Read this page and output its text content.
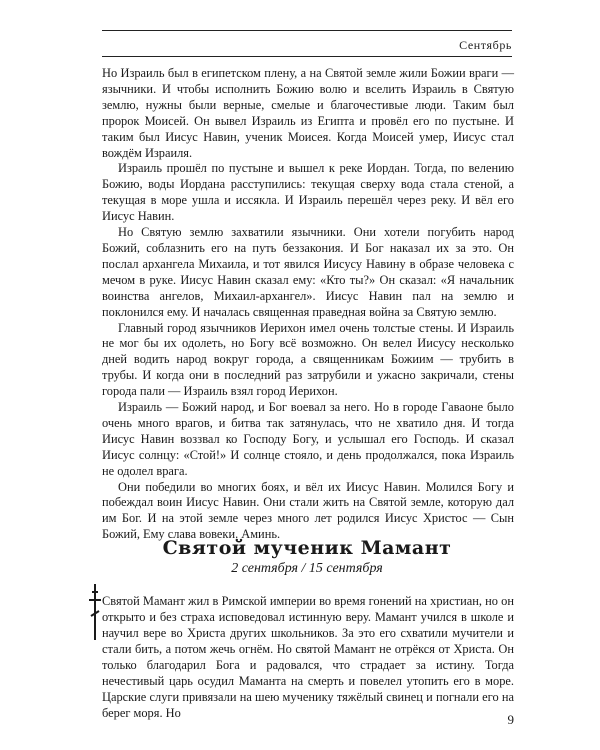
Сентябрь

Но Израиль был в египетском плену, а на Святой земле жили Божии враги — язычники. И чтобы исполнить Божию волю и вселить Израиль в Святую землю, нужны были верные, смелые и благочестивые люди. Таким был пророк Моисей. Он вывел Израиль из Египта и провёл его по пустыне. И таким был Иисус Навин, ученик Моисея. Когда Моисей умер, Иисус стал вождём Израиля.

Израиль прошёл по пустыне и вышел к реке Иордан. Тогда, по велению Божию, воды Иордана расступились: текущая сверху вода стала стеной, а текущая в море ушла и иссякла. И Израиль перешёл через реку. И вёл его Иисус Навин.

Но Святую землю захватили язычники. Они хотели погубить народ Божий, соблазнить его на путь беззакония. И Бог наказал их за это. Он послал архангела Михаила, и тот явился Иисусу Навину в образе человека с мечом в руке. Иисус Навин сказал ему: «Кто ты?» Он сказал: «Я начальник воинства ангелов, Михаил-архангел». Иисус Навин пал на землю и поклонился ему. И началась священная праведная война за Святую землю.

Главный город язычников Иерихон имел очень толстые стены. И Израиль не мог бы их одолеть, но Богу всё возможно. Он велел Иисусу несколько дней водить народ вокруг города, а священникам Божиим — трубить в трубы. И когда они в последний раз затрубили и ужасно закричали, стены города пали — Израиль взял город Иерихон.

Израиль — Божий народ, и Бог воевал за него. Но в городе Гаваоне было очень много врагов, и битва так затянулась, что не хватило дня. И тогда Иисус Навин воззвал ко Господу Богу, и услышал его Господь. И сказал Иисус солнцу: «Стой!» И солнце стояло, и день продолжался, пока Израиль не одолел врага.

Они победили во многих боях, и вёл их Иисус Навин. Молился Богу и побеждал воин Иисус Навин. Они стали жить на Святой земле, которую дал им Бог. И на этой земле через много лет родился Иисус Христос — Сын Божий, Ему слава вовеки. Аминь.

Святой мученик Мамант
2 сентября / 15 сентября

Святой Мамант жил в Римской империи во время гонений на христиан, но он открыто и без страха исповедовал истинную веру. Мамант учился в школе и научил вере во Христа других школьников. За это его схватили мучители и стали бить, а потом жечь огнём. Но святой Мамант не отрёкся от Христа. Он только благодарил Бога и радовался, что страдает за истину. Тогда нечестивый царь осудил Маманта на смерть и повелел утопить его в море. Царские слуги привязали на шею мученику тяжёлый свинец и погнали его на берег моря. Но	9
